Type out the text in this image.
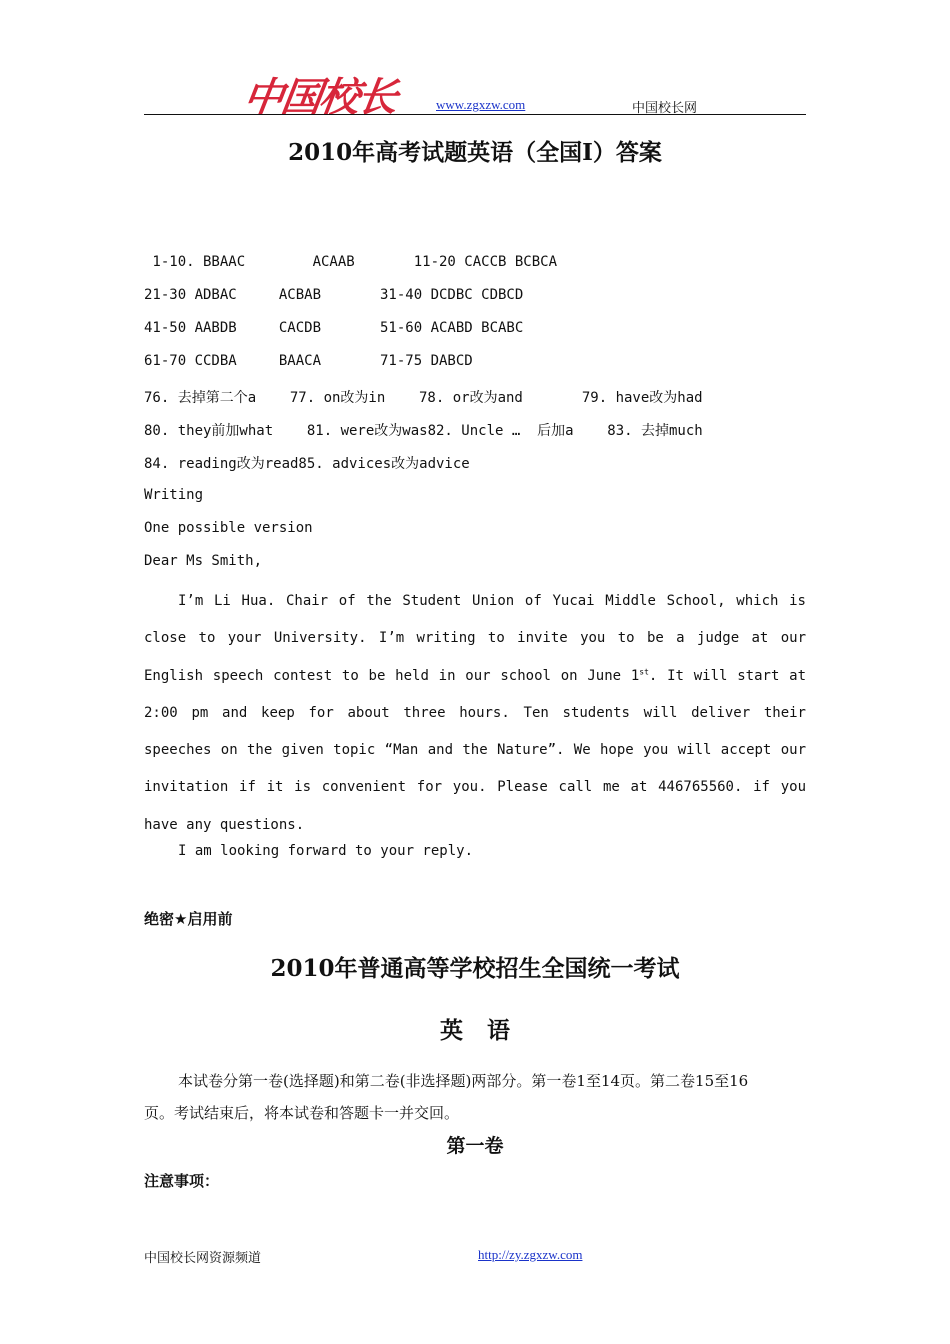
中国校长	www.zgxzw.com	中国校长网
2010年高考试题英语（全国I）答案
1-10. BBAAC        ACAAB       11-20 CACCB BCBCA
21-30 ADBAC     ACBAB       31-40 DCDBC CDBCD
41-50 AABDB     CACDB       51-60 ACABD BCABC
61-70 CCDBA     BAACA       71-75 DABCD
76. 去掉第二个a    77. on改为in    78. or改为and       79. have改为had
80. they前加what    81. were改为was82. Uncle …  后加a    83. 去掉much
84. reading改为read85. advices改为advice
Writing
One possible version
Dear Ms Smith,
I’m Li Hua. Chair of the Student Union of Yucai Middle School, which is close to your University. I’m writing to invite you to be a judge at our English speech contest to be held in our school on June 1st. It will start at 2:00 pm and keep for about three hours. Ten students will deliver their speeches on the given topic “Man and the Nature”. We hope you will accept our invitation if it is convenient for you. Please call me at 446765560. if you have any questions.
I am looking forward to your reply.
绝密★启用前
2010年普通高等学校招生全国统一考试
英语
本试卷分第一卷(选择题)和第二卷(非选择题)两部分。第一卷1至14页。第二卷15至16页。考试结束后，将本试卷和答题卡一并交回。
第一卷
注意事项：
中国校长网资源频道	http://zy.zgxzw.com
